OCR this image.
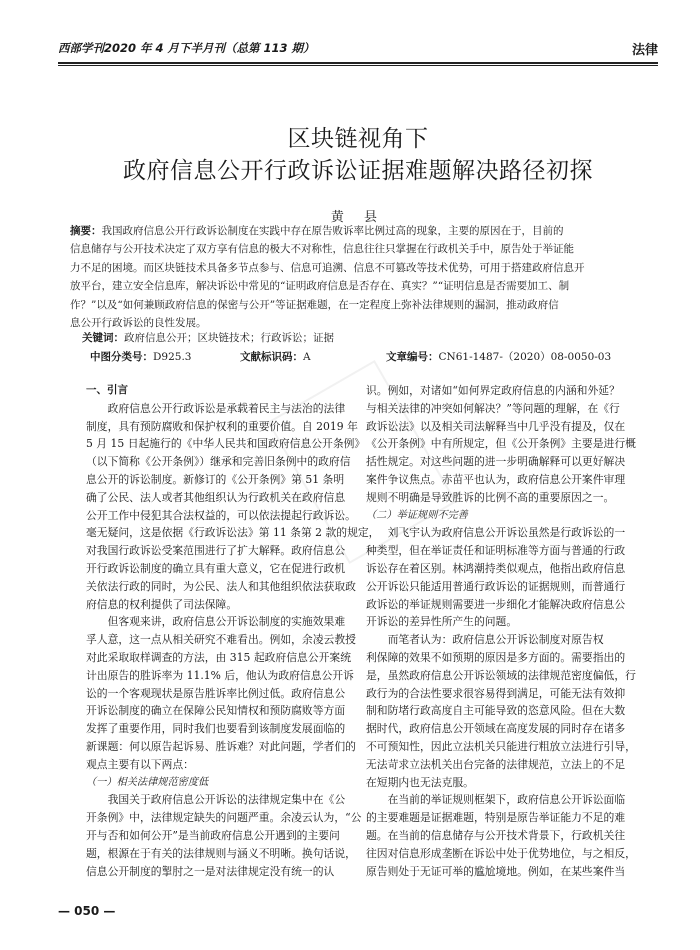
西部学刊2020 年 4 月下半月刊（总第 113 期）	法律
区块链视角下
政府信息公开行政诉讼证据难题解决路径初探
黄 县
摘要：我国政府信息公开行政诉讼制度在实践中存在原告败诉率比例过高的现象，主要的原因在于，目前的
信息储存与公开技术决定了双方享有信息的极大不对称性，信息往往只掌握在行政机关手中，原告处于举证能
力不足的困境。而区块链技术具备多节点参与、信息可追溯、信息不可篡改等技术优势，可用于搭建政府信息开
放平台，建立安全信息库，解决诉讼中常见的“证明政府信息是否存在、真实？”“证明信息是否需要加工、制
作？”以及“如何兼顾政府信息的保密与公开”等证据难题，在一定程度上弥补法律规则的漏洞，推动政府信
息公开行政诉讼的良性发展。
关键词：政府信息公开；区块链技术；行政诉讼；证据
中图分类号：D925.3	文献标识码：A	文章编号：CN61-1487-（2020）08-0050-03
一、引言
　　政府信息公开行政诉讼是承载着民主与法治的法律
制度，具有预防腐败和保护权利的重要价值。自 2019 年
5 月 15 日起施行的《中华人民共和国政府信息公开条例》
（以下简称《公开条例》）继承和完善旧条例中的政府信
息公开的诉讼制度。新修订的《公开条例》第 51 条明
确了公民、法人或者其他组织认为行政机关在政府信息
公开工作中侵犯其合法权益的，可以依法提起行政诉讼。
毫无疑问，这是依据《行政诉讼法》第 11 条第 2 款的规定，
对我国行政诉讼受案范围进行了扩大解释。政府信息公
开行政诉讼制度的确立具有重大意义，它在促进行政机
关依法行政的同时，为公民、法人和其他组织依法获取政
府信息的权利提供了司法保障。
　　但客观来讲，政府信息公开诉讼制度的实施效果难
孚人意，这一点从相关研究不难看出。例如，余凌云教授
对此采取取样调查的方法，由 315 起政府信息公开案统
计出原告的胜诉率为 11.1% 后，他认为政府信息公开诉
讼的一个客观现状是原告胜诉率比例过低。政府信息公
开诉讼制度的确立在保障公民知情权和预防腐败等方面
发挥了重要作用，同时我们也要看到该制度发展面临的
新课题：何以原告起诉易、胜诉难？对此问题，学者们的
观点主要有以下两点：
（一）相关法律规范密度低
　　我国关于政府信息公开诉讼的法律规定集中在《公
开条例》中，法律规定缺失的问题严重。余凌云认为，“公
开与否和如何公开”是当前政府信息公开遇到的主要问
题，根源在于有关的法律规则与涵义不明晰。换句话说，
信息公开制度的掣肘之一是对法律规定没有统一的认
识。例如，对诸如“如何界定政府信息的内涵和外延？
与相关法律的冲突如何解决？”等问题的理解，在《行
政诉讼法》以及相关司法解释当中几乎没有提及，仅在
《公开条例》中有所规定，但《公开条例》主要是进行概
括性规定。对这些问题的进一步明确解释可以更好解决
案件争议焦点。赤苗平也认为，政府信息公开案件审理
规则不明确是导致胜诉的比例不高的重要原因之一。
（二）举证规则不完善
　　刘飞宇认为政府信息公开诉讼虽然是行政诉讼的一
种类型，但在举证责任和证明标准等方面与普通的行政
诉讼存在着区别。林鸿潮持类似观点，他指出政府信息
公开诉讼只能适用普通行政诉讼的证据规则，而普通行
政诉讼的举证规则需要进一步细化才能解决政府信息公
开诉讼的差异性所产生的问题。
　　而笔者认为：政府信息公开诉讼制度对原告权
利保障的效果不如预期的原因是多方面的。需要指出的
是，虽然政府信息公开诉讼领域的法律规范密度偏低，行
政行为的合法性要求很容易得到满足，可能无法有效抑
制和防堵行政高度自主可能导致的恣意风险。但在大数
据时代，政府信息公开领域在高度发展的同时存在诸多
不可预知性，因此立法机关只能进行粗放立法进行引导，
无法苛求立法机关出台完备的法律规范，立法上的不足
在短期内也无法克服。
　　在当前的举证规则框架下，政府信息公开诉讼面临
的主要难题是证据难题，特别是原告举证能力不足的难
题。在当前的信息储存与公开技术背景下，行政机关往
往因对信息形成垄断在诉讼中处于优势地位，与之相反，
原告则处于无证可举的尴尬境地。例如，在某些案件当
— 050 —
